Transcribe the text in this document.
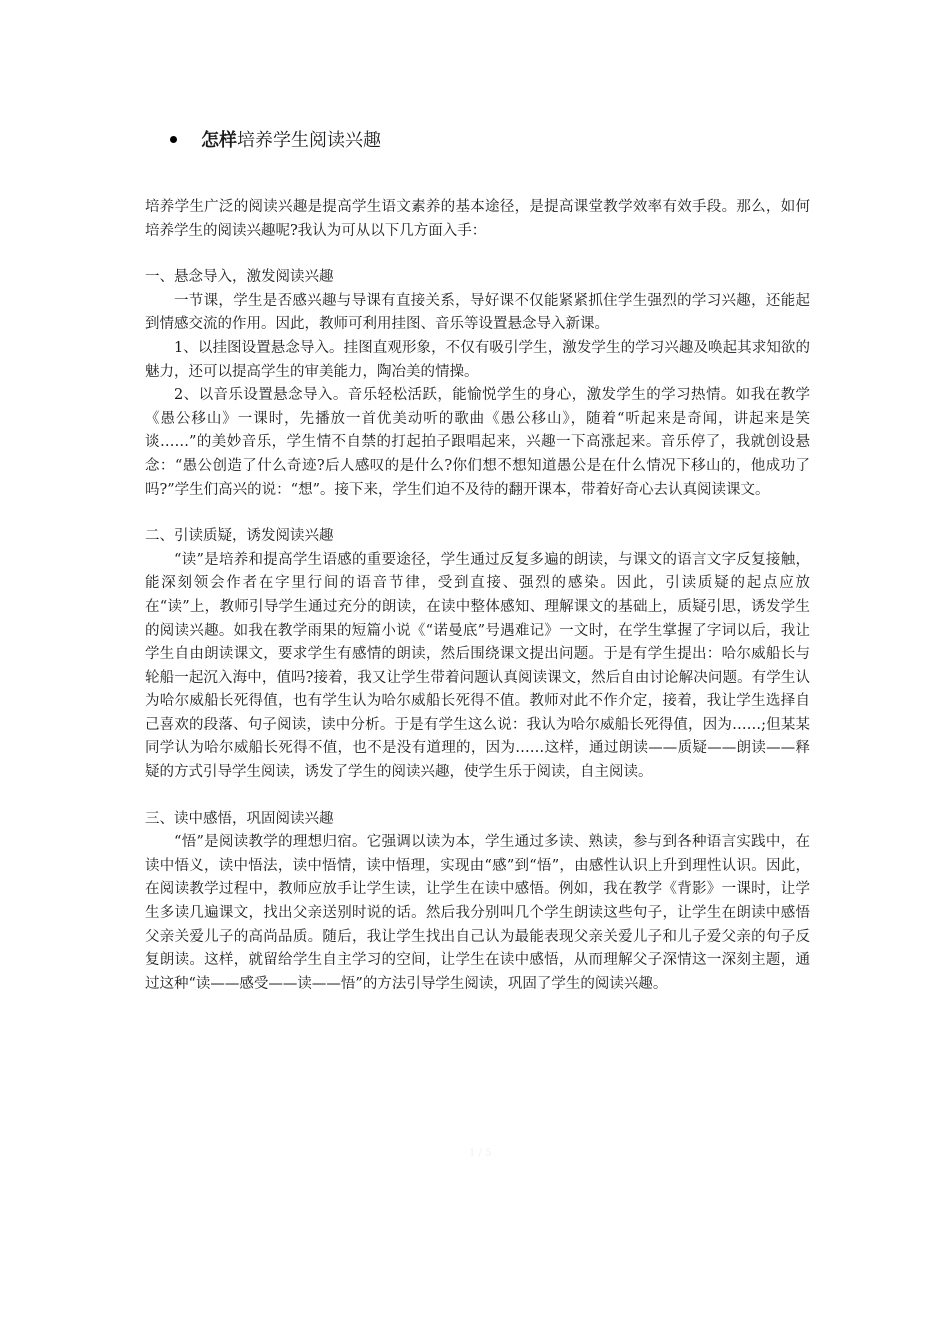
怎样 培养学生阅读兴趣

培养学生广泛的阅读兴趣是提高学生语文素养的基本途径，是提高课堂教学效率有效手段。那么，如何培养学生的阅读兴趣呢?我认为可从以下几方面入手：

一、悬念导入，激发阅读兴趣

一节课，学生是否感兴趣与导课有直接关系，导好课不仅能紧紧抓住学生强烈的学习兴趣，还能起到情感交流的作用。因此，教师可利用挂图、音乐等设置悬念导入新课。

1、以挂图设置悬念导入。挂图直观形象，不仅有吸引学生，激发学生的学习兴趣及唤起其求知欲的魅力，还可以提高学生的审美能力，陶冶美的情操。

2、以音乐设置悬念导入。音乐轻松活跃，能愉悦学生的身心，激发学生的学习热情。如我在教学《愚公移山》一课时，先播放一首优美动听的歌曲《愚公移山》，随着“听起来是奇闻，讲起来是笑谈……”的美妙音乐，学生情不自禁的打起拍子跟唱起来，兴趣一下高涨起来。音乐停了，我就创设悬念：“愚公创造了什么奇迹?后人感叹的是什么?你们想不想知道愚公是在什么情况下移山的，他成功了吗?”学生们高兴的说：“想”。接下来，学生们迫不及待的翻开课本，带着好奇心去认真阅读课文。

二、引读质疑，诱发阅读兴趣

“读”是培养和提高学生语感的重要途径，学生通过反复多遍的朗读，与课文的语言文字反复接触，能深刻领会作者在字里行间的语音节律，受到直接、强烈的感染。因此，引读质疑的起点应放在“读”上，教师引导学生通过充分的朗读，在读中整体感知、理解课文的基础上，质疑引思，诱发学生的阅读兴趣。如我在教学雨果的短篇小说《“诺曼底”号遇难记》一文时，在学生掌握了字词以后，我让学生自由朗读课文，要求学生有感情的朗读，然后围绕课文提出问题。于是有学生提出：哈尔威船长与轮船一起沉入海中，值吗?接着，我又让学生带着问题认真阅读课文，然后自由讨论解决问题。有学生认为哈尔威船长死得值，也有学生认为哈尔威船长死得不值。教师对此不作介定，接着，我让学生选择自己喜欢的段落、句子阅读，读中分析。于是有学生这么说：我认为哈尔威船长死得值，因为……;但某某同学认为哈尔威船长死得不值，也不是没有道理的，因为……这样，通过朗读——质疑——朗读——释疑的方式引导学生阅读，诱发了学生的阅读兴趣，使学生乐于阅读，自主阅读。

三、读中感悟，巩固阅读兴趣

“悟”是阅读教学的理想归宿。它强调以读为本，学生通过多读、熟读，参与到各种语言实践中，在读中悟义，读中悟法，读中悟情，读中悟理，实现由“感”到“悟”，由感性认识上升到理性认识。因此，在阅读教学过程中，教师应放手让学生读，让学生在读中感悟。例如，我在教学《背影》一课时，让学生多读几遍课文，找出父亲送别时说的话。然后我分别叫几个学生朗读这些句子，让学生在朗读中感悟父亲关爱儿子的高尚品质。随后，我让学生找出自己认为最能表现父亲关爱儿子和儿子爱父亲的句子反复朗读。这样，就留给学生自主学习的空间，让学生在读中感悟，从而理解父子深情这一深刻主题，通过这种“读——感受——读——悟”的方法引导学生阅读，巩固了学生的阅读兴趣。

1 / 5
